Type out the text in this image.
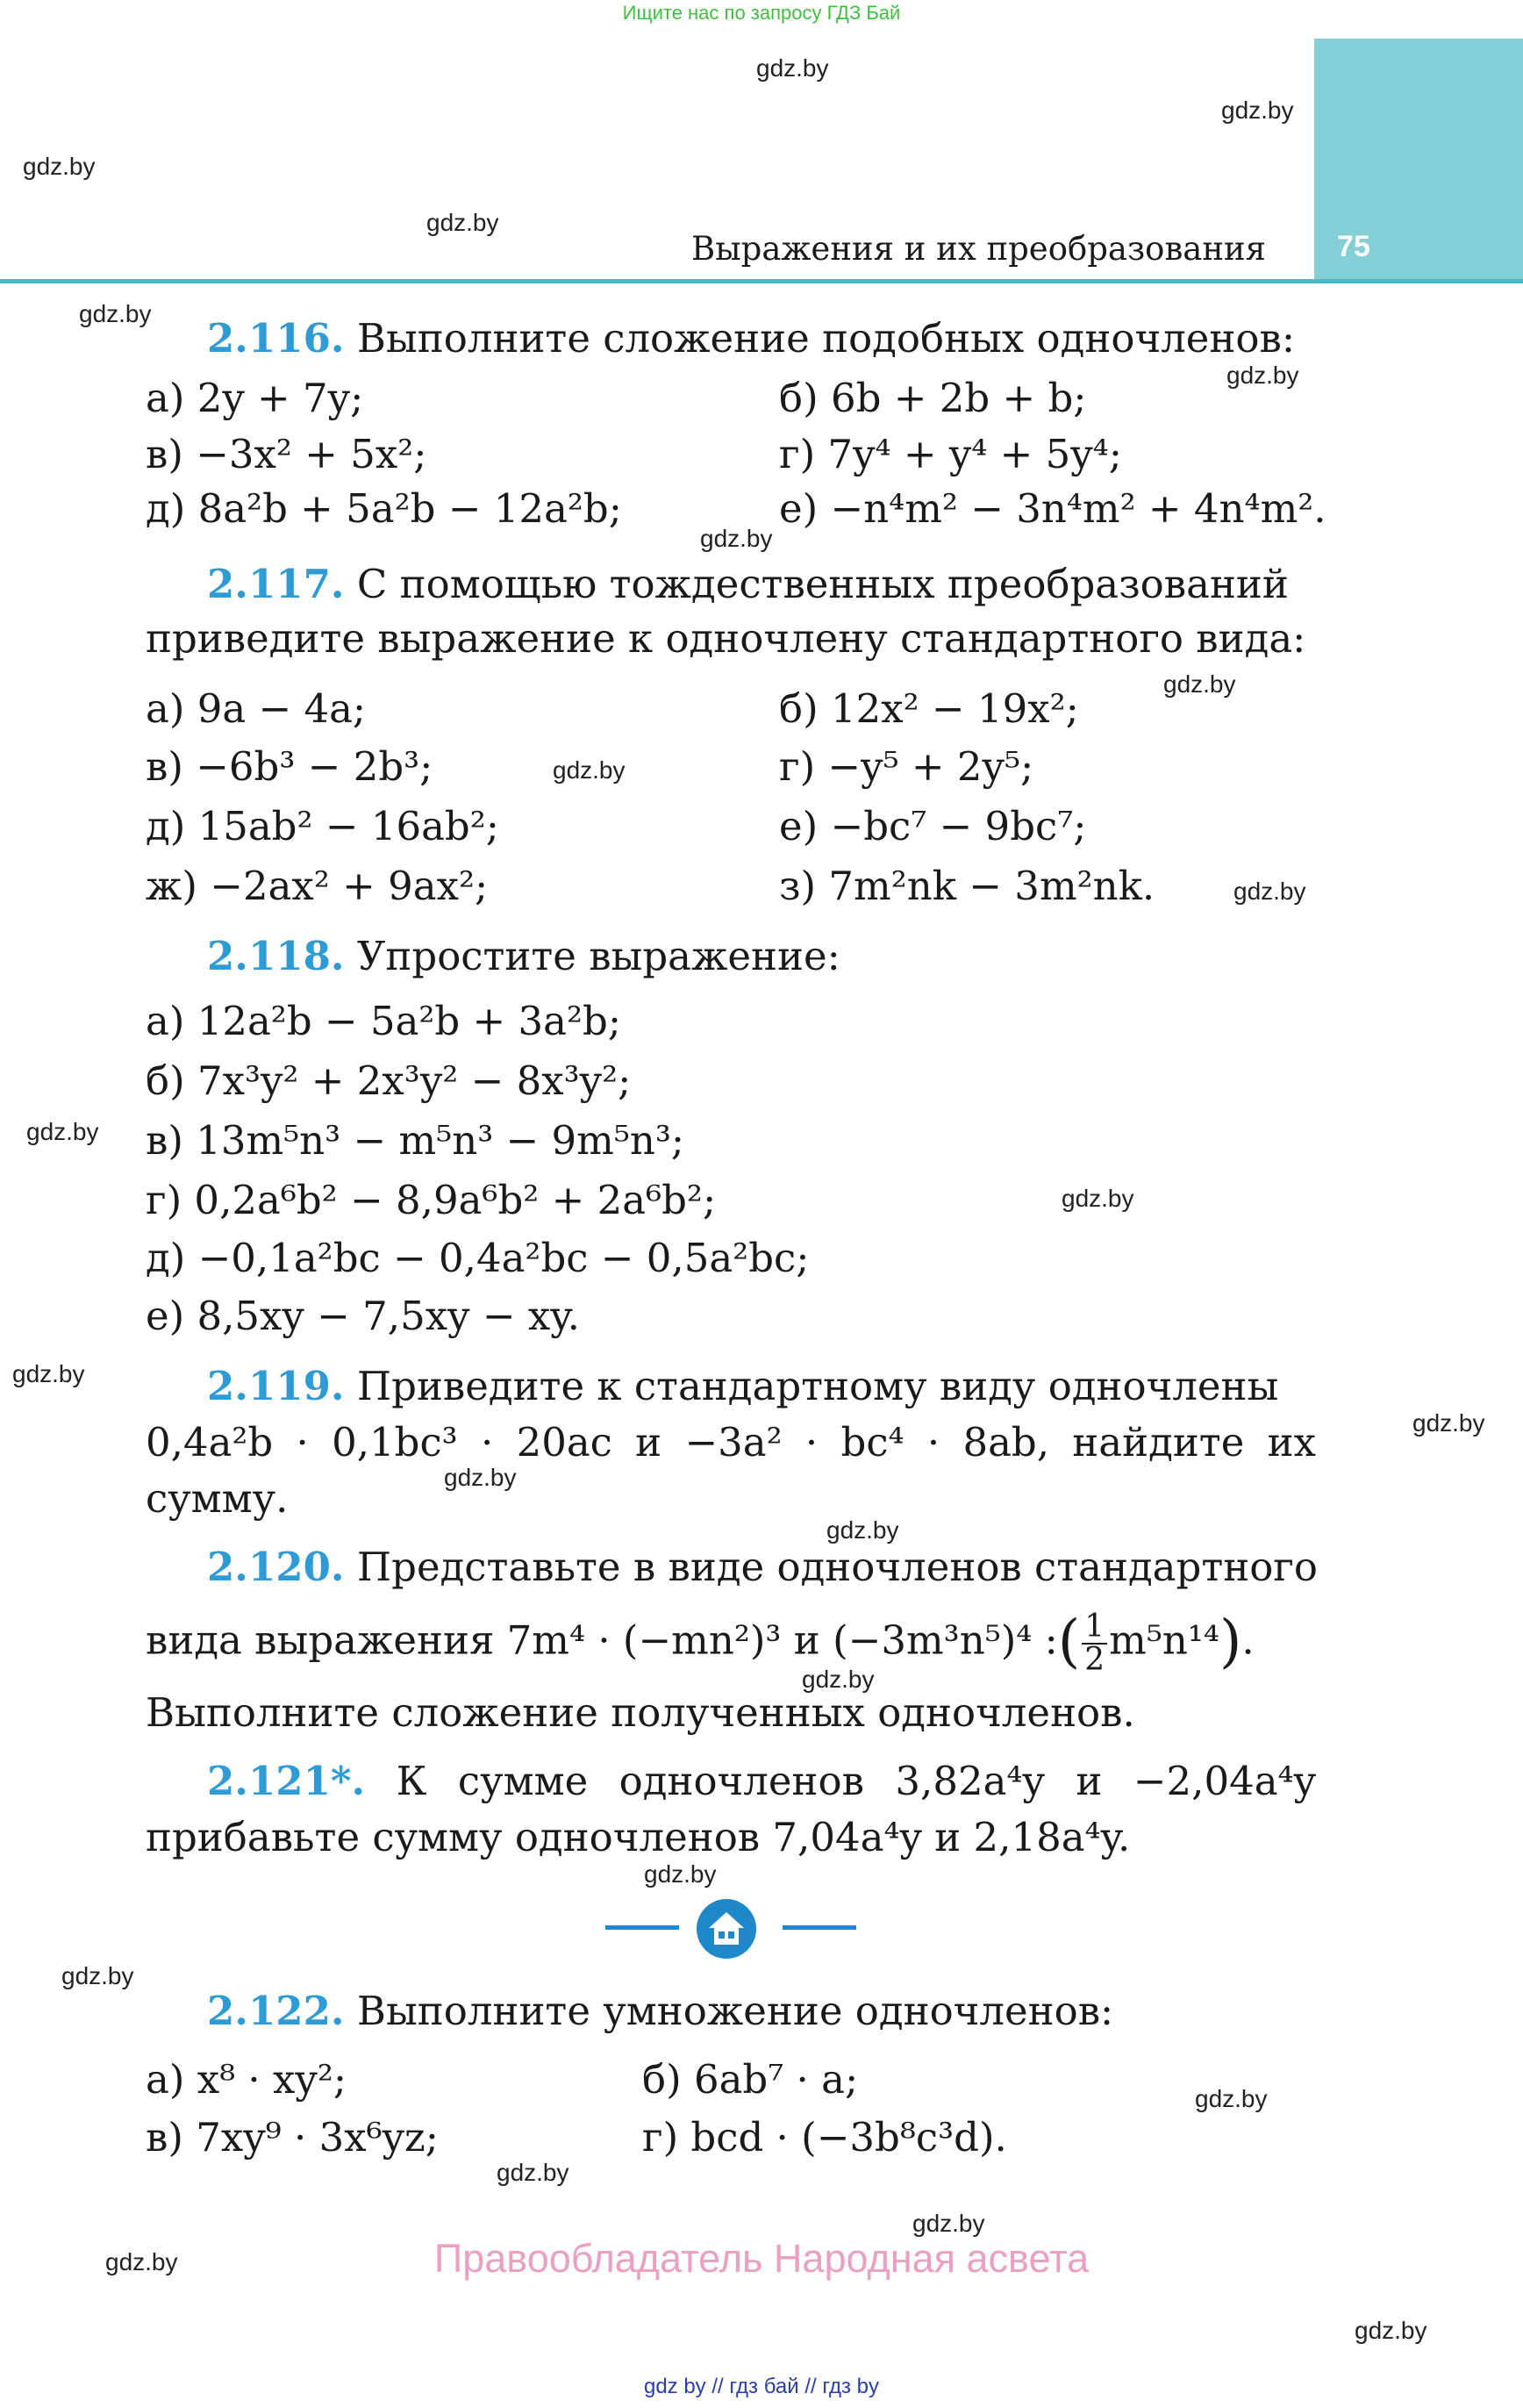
Ищите нас по запросу ГДЗ Бай
75
Выражения и их преобразования
gdz.by
gdz.by
gdz.by
gdz.by
gdz.by
gdz.by
gdz.by
gdz.by
gdz.by
gdz.by
gdz.by
gdz.by
gdz.by
gdz.by
gdz.by
gdz.by
gdz.by
gdz.by
gdz.by
gdz.by
gdz.by
gdz.by
gdz.by
gdz.by
2.116. Выполните сложение подобных одночленов:
а) 2y + 7y;	б) 6b + 2b + b;
в) −3x² + 5x²;	г) 7y⁴ + y⁴ + 5y⁴;
д) 8a²b + 5a²b − 12a²b;	е) −n⁴m² − 3n⁴m² + 4n⁴m².
2.117. С помощью тождественных преобразований
приведите выражение к одночлену стандартного вида:
а) 9a − 4a;	б) 12x² − 19x²;
в) −6b³ − 2b³;	г) −y⁵ + 2y⁵;
д) 15ab² − 16ab²;	е) −bc⁷ − 9bc⁷;
ж) −2ax² + 9ax²;	з) 7m²nk − 3m²nk.
2.118. Упростите выражение:
а) 12a²b − 5a²b + 3a²b;
б) 7x³y² + 2x³y² − 8x³y²;
в) 13m⁵n³ − m⁵n³ − 9m⁵n³;
г) 0,2a⁶b² − 8,9a⁶b² + 2a⁶b²;
д) −0,1a²bc − 0,4a²bc − 0,5a²bc;
е) 8,5xy − 7,5xy − xy.
2.119. Приведите к стандартному виду одночлены
0,4a²b · 0,1bc³ · 20ac и −3a² · bc⁴ · 8ab, найдите их
сумму.
2.120. Представьте в виде одночленов стандартного
вида выражения 7m⁴ · (−mn²)³ и (−3m³n⁵)⁴ :( $\frac{1}{2} m^5n^{14}$).
Выполните сложение полученных одночленов.
2.121*. К сумме одночленов 3,82a⁴y и −2,04a⁴y
прибавьте сумму одночленов 7,04a⁴y и 2,18a⁴y.
2.122. Выполните умножение одночленов:
а) x⁸ · xy²;	б) 6ab⁷ · a;
в) 7xy⁹ · 3x⁶yz;	г) bcd · (−3b⁸c³d).
Правообладатель Народная асвета
gdz by // гдз бай // гдз by
